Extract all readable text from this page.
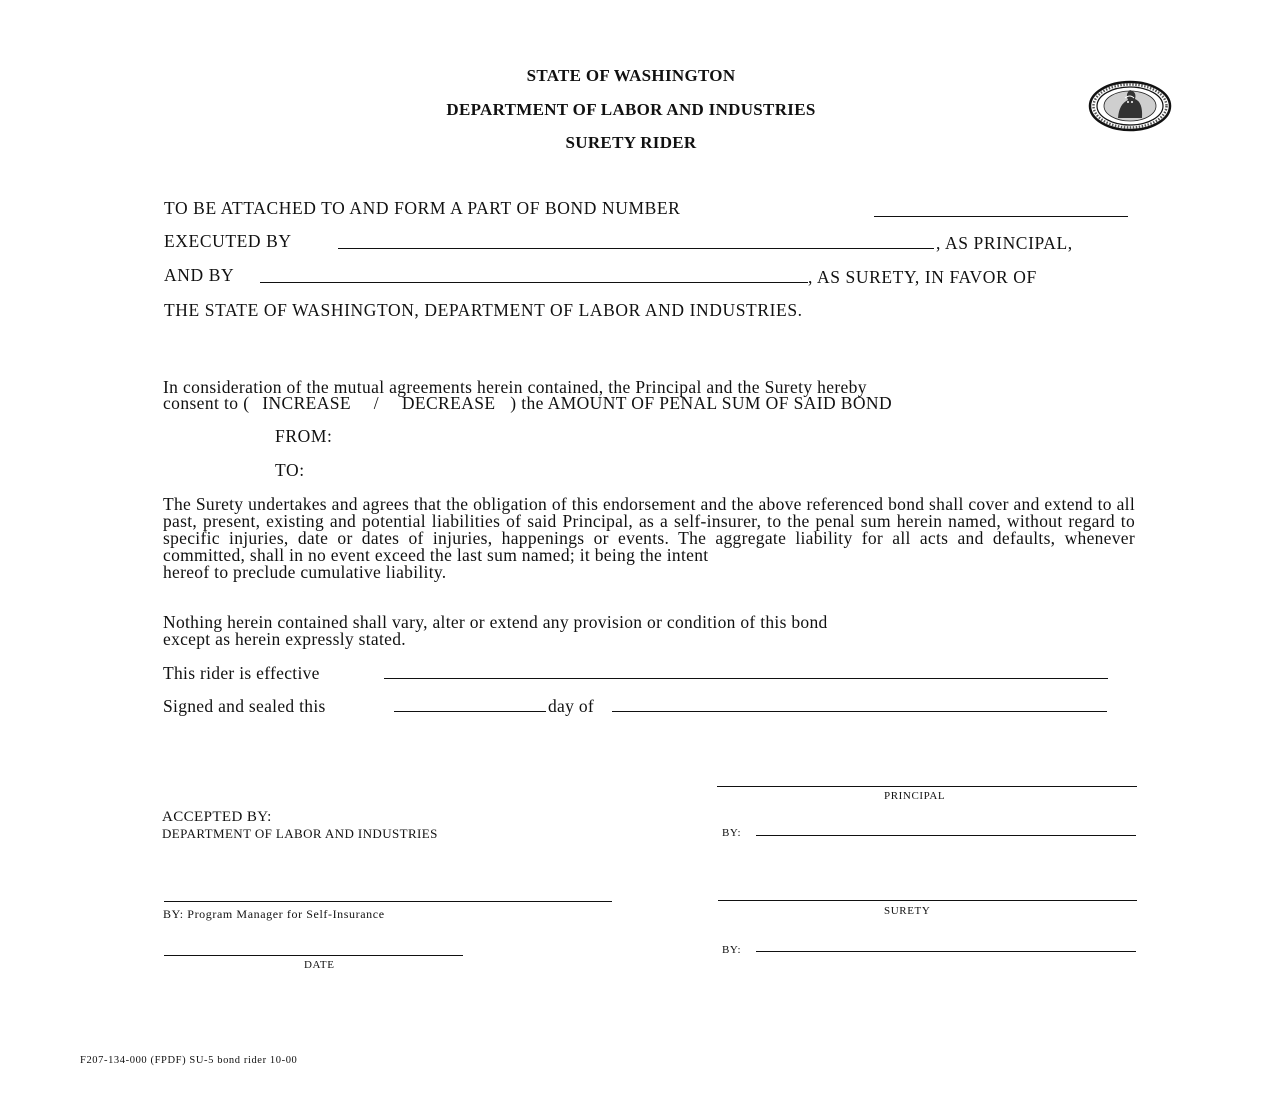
STATE OF WASHINGTON
DEPARTMENT OF LABOR AND INDUSTRIES
SURETY RIDER
TO BE ATTACHED TO AND FORM A PART OF BOND NUMBER
EXECUTED BY	, AS PRINCIPAL,
AND BY	, AS SURETY, IN FAVOR OF
THE STATE OF WASHINGTON, DEPARTMENT OF LABOR AND INDUSTRIES.
In consideration of the mutual agreements herein contained, the Principal and the Surety hereby
consent to ( INCREASE / DECREASE ) the AMOUNT OF PENAL SUM OF SAID BOND
FROM:
TO:
The Surety undertakes and agrees that the obligation of this endorsement and the above referenced bond shall cover and extend to all past, present, existing and potential liabilities of said Principal, as a self-insurer, to the penal sum herein named, without regard to specific injuries, date or dates of injuries, happenings or events. The aggregate liability for all acts and defaults, whenever committed, shall in no event exceed the last sum named; it being the intent
hereof to preclude cumulative liability.
Nothing herein contained shall vary, alter or extend any provision or condition of this bond
except as herein expressly stated.
This rider is effective
Signed and sealed this	day of
PRINCIPAL
ACCEPTED BY:
DEPARTMENT OF LABOR AND INDUSTRIES	BY:
BY: Program Manager for Self-Insurance	SURETY
BY:
DATE
F207-134-000 (FPDF) SU-5 bond rider 10-00
